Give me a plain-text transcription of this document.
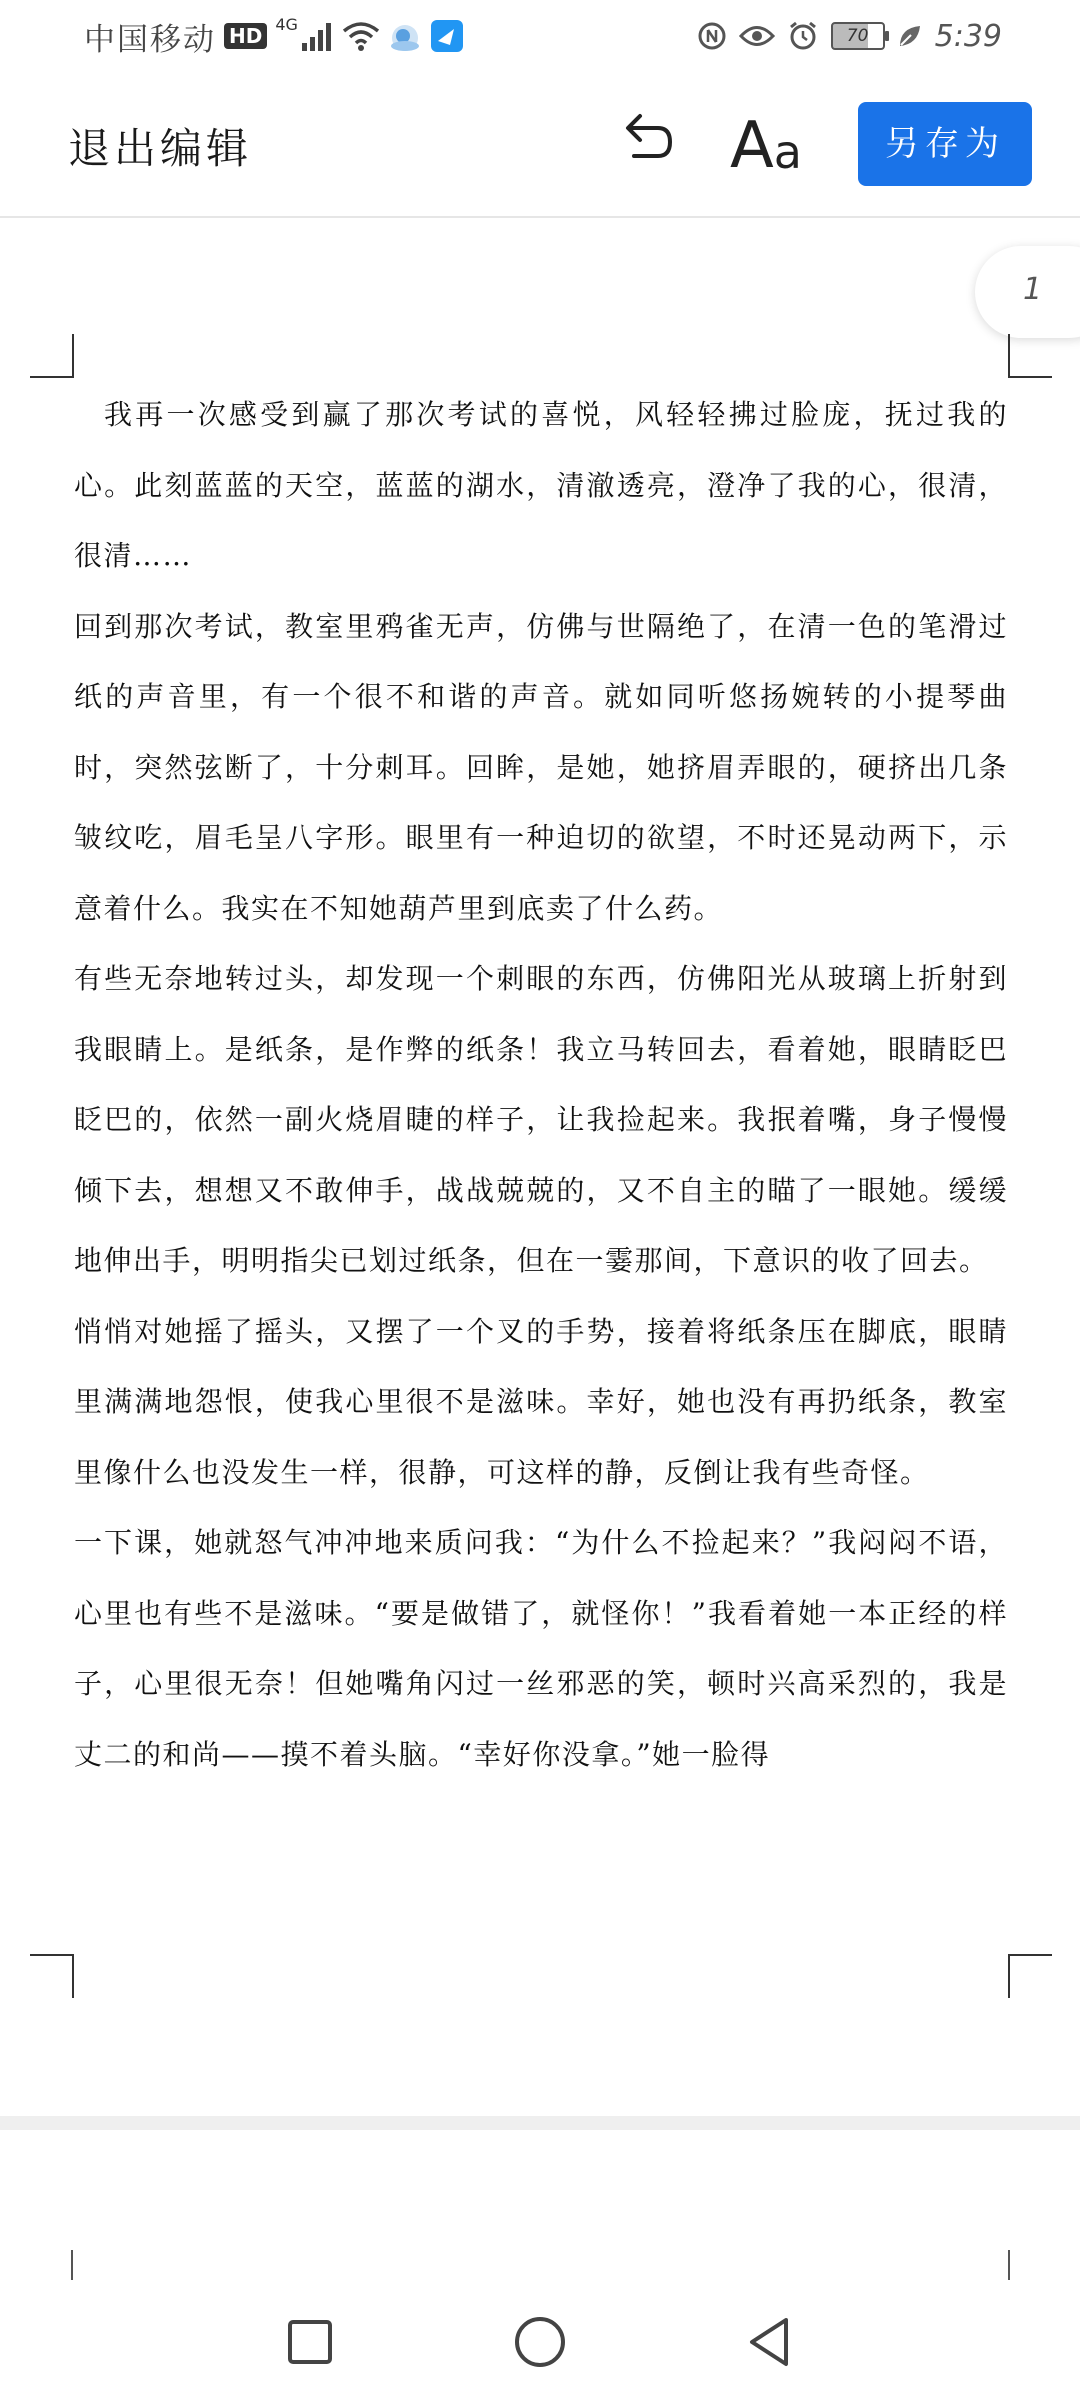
中国移动 HD 4G
70	5:39
退出编辑	A a	另存为
1

我再一次感受到赢了那次考试的喜悦，风轻轻拂过脸庞，抚过我的心。此刻蓝蓝的天空，蓝蓝的湖水，清澈透亮，澄净了我的心，很清，很清……

回到那次考试，教室里鸦雀无声，仿佛与世隔绝了，在清一色的笔滑过纸的声音里，有一个很不和谐的声音。就如同听悠扬婉转的小提琴曲时，突然弦断了，十分刺耳。回眸，是她，她挤眉弄眼的，硬挤出几条皱纹吃，眉毛呈八字形。眼里有一种迫切的欲望，不时还晃动两下，示意着什么。我实在不知她葫芦里到底卖了什么药。

有些无奈地转过头，却发现一个刺眼的东西，仿佛阳光从玻璃上折射到我眼睛上。是纸条，是作弊的纸条！我立马转回去，看着她，眼睛眨巴眨巴的，依然一副火烧眉睫的样子，让我捡起来。我抿着嘴，身子慢慢倾下去，想想又不敢伸手，战战兢兢的，又不自主的瞄了一眼她。缓缓地伸出手，明明指尖已划过纸条，但在一霎那间，下意识的收了回去。

悄悄对她摇了摇头，又摆了一个叉的手势，接着将纸条压在脚底，眼睛里满满地怨恨，使我心里很不是滋味。幸好，她也没有再扔纸条，教室里像什么也没发生一样，很静，可这样的静，反倒让我有些奇怪。

一下课，她就怒气冲冲地来质问我：“为什么不捡起来？”我闷闷不语，心里也有些不是滋味。“要是做错了，就怪你！”我看着她一本正经的样子，心里很无奈！但她嘴角闪过一丝邪恶的笑，顿时兴高采烈的，我是丈二的和尚——摸不着头脑。“幸好你没拿。”她一脸得
